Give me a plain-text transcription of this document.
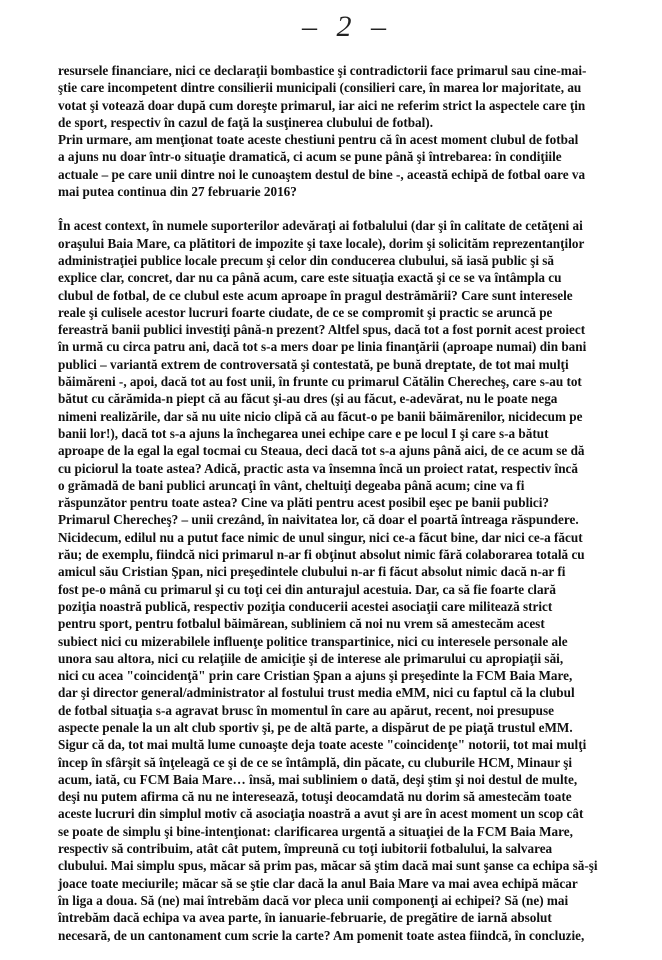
– 2 –
resursele financiare, nici ce declaraţii bombastice şi contradictorii face primarul sau cine-mai-
ştie care incompetent dintre consilierii municipali (consilieri care, în marea lor majoritate, au
votat şi votează doar după cum doreşte primarul, iar aici ne referim strict la aspectele care ţin
de sport, respectiv în cazul de faţă la susţinerea clubului de fotbal).
Prin urmare, am menţionat toate aceste chestiuni pentru că în acest moment clubul de fotbal
a ajuns nu doar într-o situaţie dramatică, ci acum se pune până şi întrebarea: în condiţiile
actuale – pe care unii dintre noi le cunoaştem destul de bine -, această echipă de fotbal oare va
mai putea continua din 27 februarie 2016?
În acest context, în numele suporterilor adevăraţi ai fotbalului (dar şi în calitate de cetăţeni ai
oraşului Baia Mare, ca plătitori de impozite şi taxe locale), dorim şi solicităm reprezentanţilor
administraţiei publice locale precum şi celor din conducerea clubului, să iasă public şi să
explice clar, concret, dar nu ca până acum, care este situaţia exactă şi ce se va întâmpla cu
clubul de fotbal, de ce clubul este acum aproape în pragul destrămării? Care sunt interesele
reale şi culisele acestor lucruri foarte ciudate, de ce se compromit şi practic se aruncă pe
fereastră banii publici investiţi până-n prezent? Altfel spus, dacă tot a fost pornit acest proiect
în urmă cu circa patru ani, dacă tot s-a mers doar pe linia finanţării (aproape numai) din bani
publici – variantă extrem de controversată şi contestată, pe bună dreptate, de tot mai mulţi
băimăreni -, apoi, dacă tot au fost unii, în frunte cu primarul Cătălin Cherecheş, care s-au tot
bătut cu cărămida-n piept că au făcut şi-au dres (şi au făcut, e-adevărat, nu le poate nega
nimeni realizările, dar să nu uite nicio clipă că au făcut-o pe banii băimărenilor, nicidecum pe
banii lor!), dacă tot s-a ajuns la închegarea unei echipe care e pe locul I şi care s-a bătut
aproape de la egal la egal tocmai cu Steaua, deci dacă tot s-a ajuns până aici, de ce acum se dă
cu piciorul la toate astea? Adică, practic asta va însemna încă un proiect ratat, respectiv încă
o grămadă de bani publici aruncaţi în vânt, cheltuiţi degeaba până acum; cine va fi
răspunzător pentru toate astea? Cine va plăti pentru acest posibil eşec pe banii publici?
Primarul Cherecheş? – unii crezând, în naivitatea lor, că doar el poartă întreaga răspundere.
Nicidecum, edilul nu a putut face nimic de unul singur, nici ce-a făcut bine, dar nici ce-a făcut
rău; de exemplu, fiindcă nici primarul n-ar fi obţinut absolut nimic fără colaborarea totală cu
amicul său Cristian Şpan, nici preşedintele clubului n-ar fi făcut absolut nimic dacă n-ar fi
fost pe-o mână cu primarul şi cu toţi cei din anturajul acestuia. Dar, ca să fie foarte clară
poziţia noastră publică, respectiv poziţia conducerii acestei asociaţii care militează strict
pentru sport, pentru fotbalul băimărean, subliniem că noi nu vrem să amestecăm acest
subiect nici cu mizerabilele influenţe politice transpartinice, nici cu interesele personale ale
unora sau altora, nici cu relaţiile de amiciţie şi de interese ale primarului cu apropiaţii săi,
nici cu acea "coincidenţă" prin care Cristian Şpan a ajuns şi preşedinte la FCM Baia Mare,
dar şi director general/administrator al fostului trust media eMM, nici cu faptul că la clubul
de fotbal situaţia s-a agravat brusc în momentul în care au apărut, recent, noi presupuse
aspecte penale la un alt club sportiv şi, pe de altă parte, a dispărut de pe piaţă trustul eMM.
Sigur că da, tot mai multă lume cunoaşte deja toate aceste "coincidenţe" notorii, tot mai mulţi
încep în sfârşit să înţeleagă ce şi de ce se întâmplă, din păcate, cu cluburile HCM, Minaur şi
acum, iată, cu FCM Baia Mare… însă, mai subliniem o dată, deşi ştim şi noi destul de multe,
deşi nu putem afirma că nu ne interesează, totuşi deocamdată nu dorim să amestecăm toate
aceste lucruri din simplul motiv că asociaţia noastră a avut şi are în acest moment un scop cât
se poate de simplu şi bine-intenţionat: clarificarea urgentă a situaţiei de la FCM Baia Mare,
respectiv să contribuim, atât cât putem, împreună cu toţi iubitorii fotbalului, la salvarea
clubului. Mai simplu spus, măcar să prim pas, măcar să ştim dacă mai sunt şanse ca echipa să-şi
joace toate meciurile; măcar să se ştie clar dacă la anul Baia Mare va mai avea echipă măcar
în liga a doua. Să (ne) mai întrebăm dacă vor pleca unii componenţi ai echipei? Să (ne) mai
întrebăm dacă echipa va avea parte, în ianuarie-februarie, de pregătire de iarnă absolut
necesară, de un cantonament cum scrie la carte? Am pomenit toate astea fiindcă, în concluzie,
